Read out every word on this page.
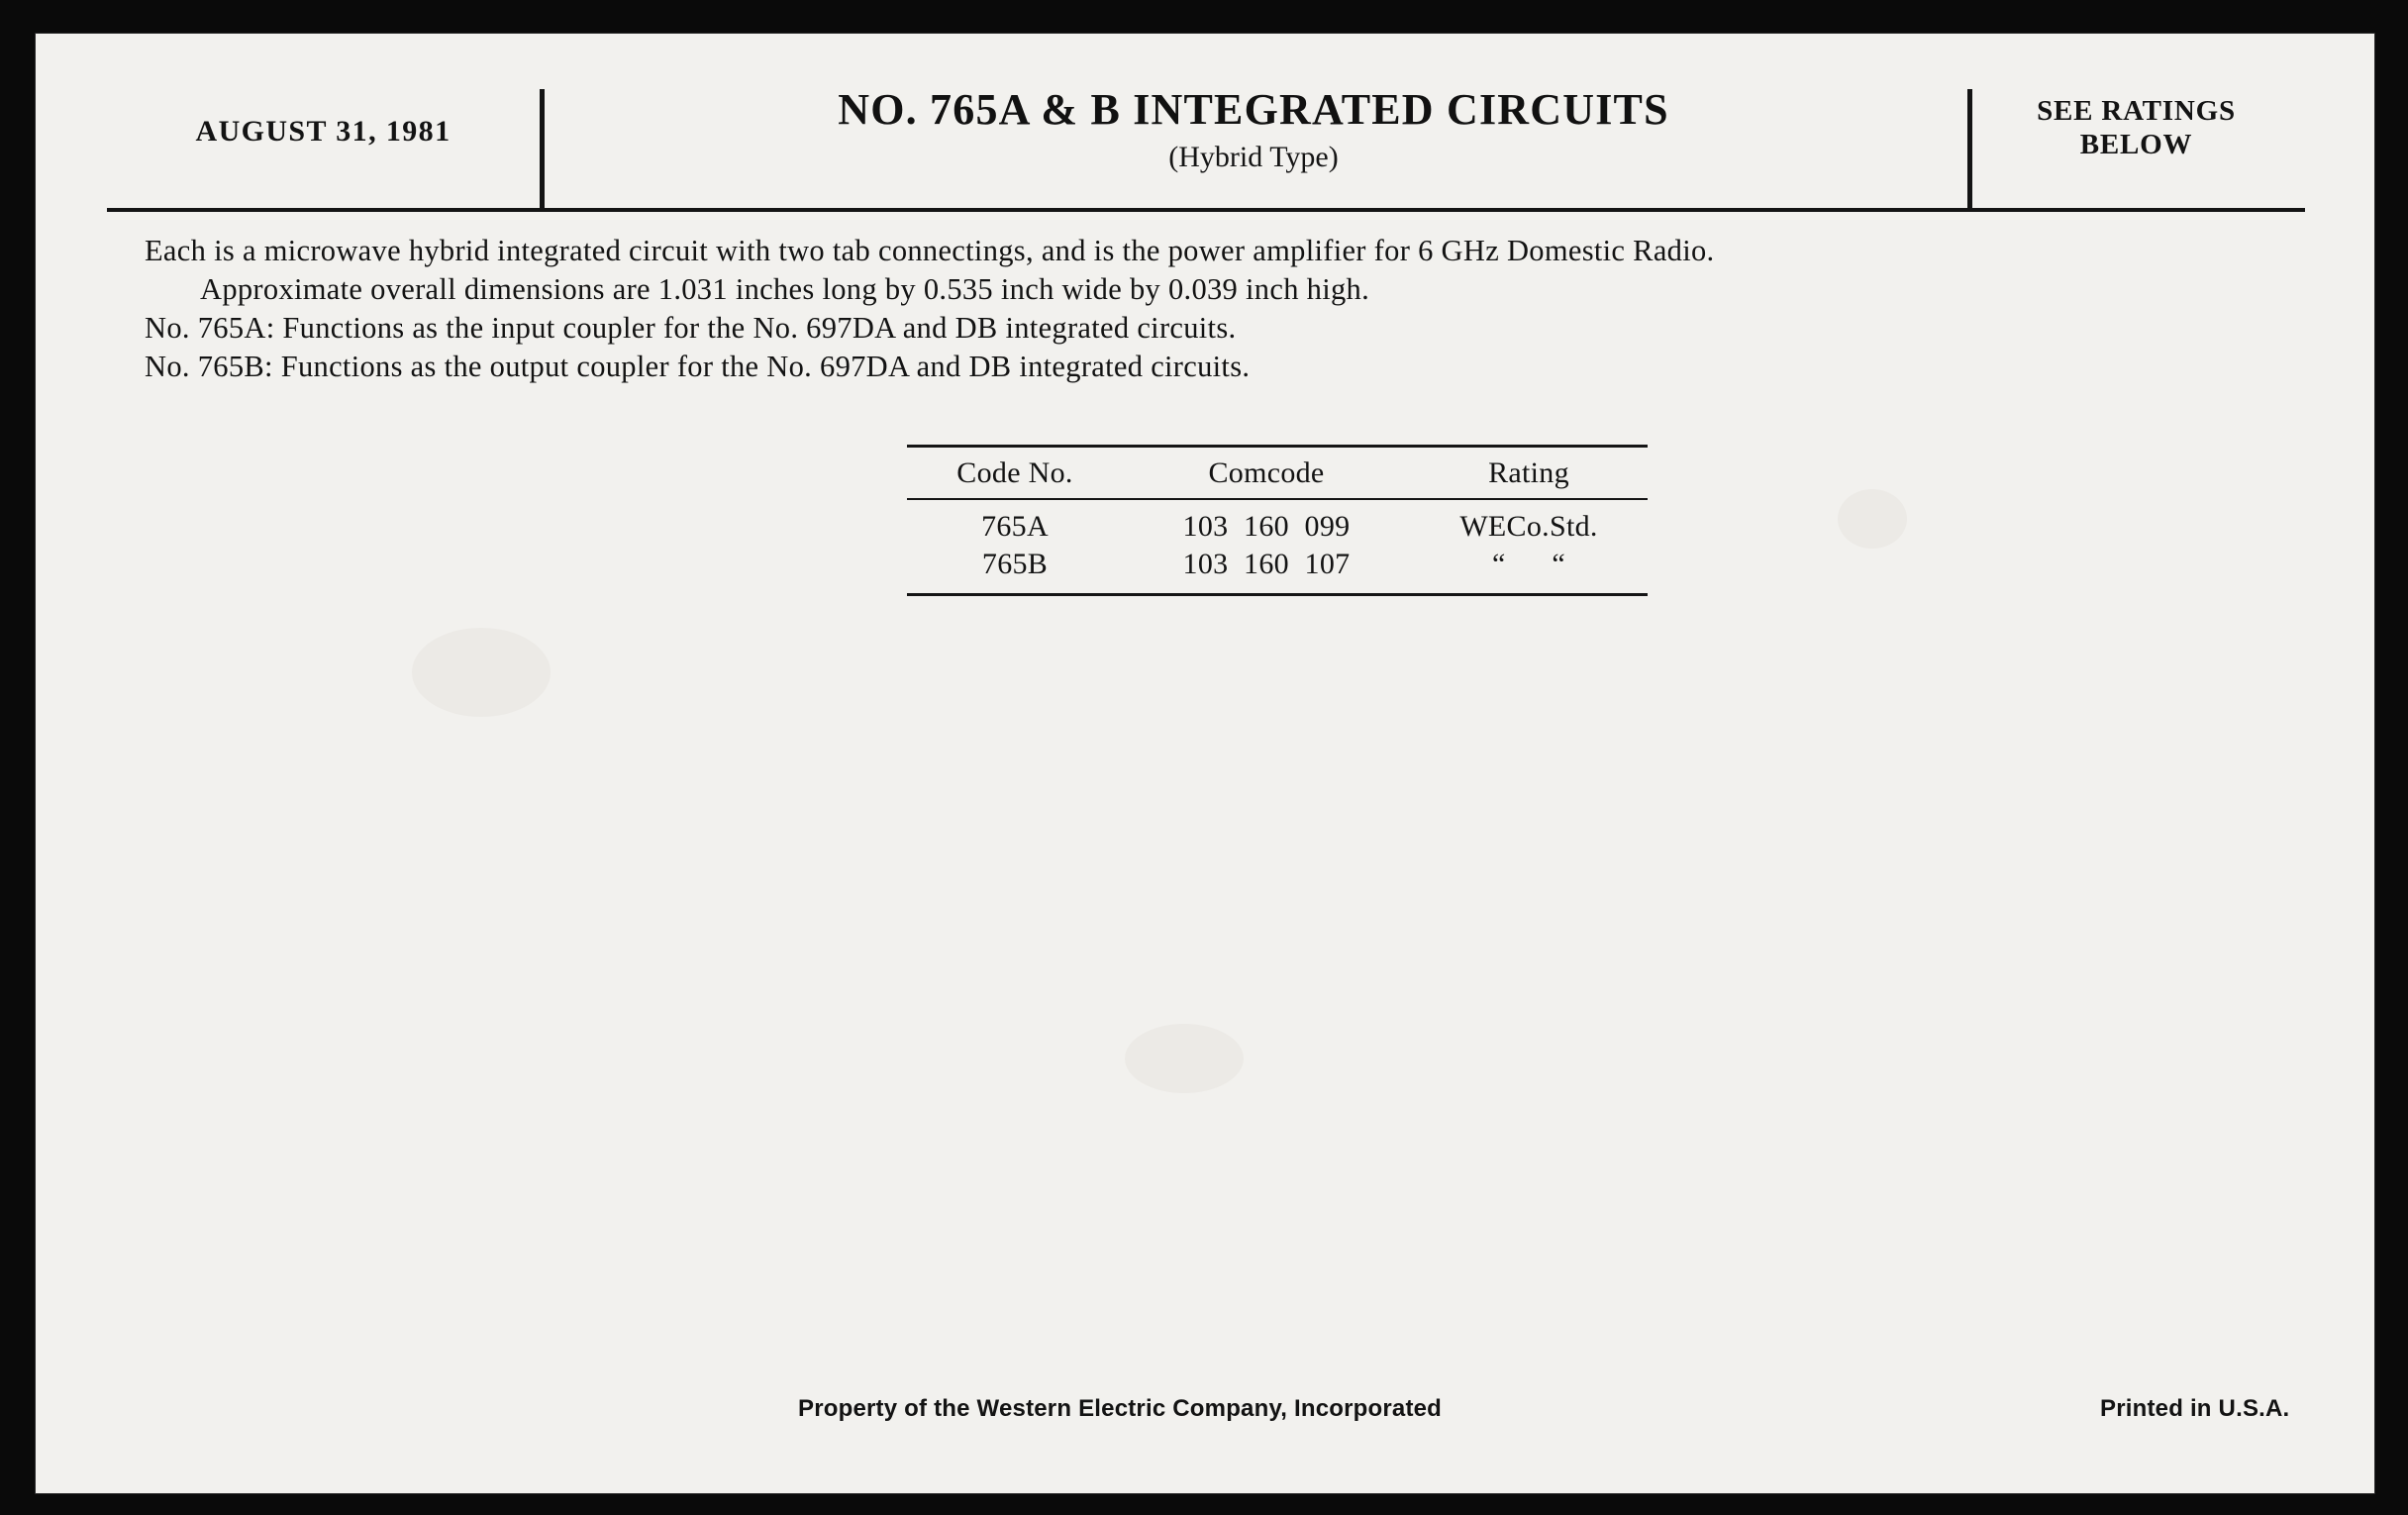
AUGUST 31, 1981	NO. 765A & B INTEGRATED CIRCUITS
(Hybrid Type)
SEE RATINGS
BELOW
Each is a microwave hybrid integrated circuit with two tab connectings, and is the power amplifier for 6 GHz Domestic Radio.
Approximate overall dimensions are 1.031 inches long by 0.535 inch wide by 0.039 inch high.
No. 765A: Functions as the input coupler for the No. 697DA and DB integrated circuits.
No. 765B: Functions as the output coupler for the No. 697DA and DB integrated circuits.
Code No.	Comcode	Rating
765A	103  160  099	WECo.Std.
765B	103  160  107	“      “
Property of the Western Electric Company, Incorporated	Printed in U.S.A.
